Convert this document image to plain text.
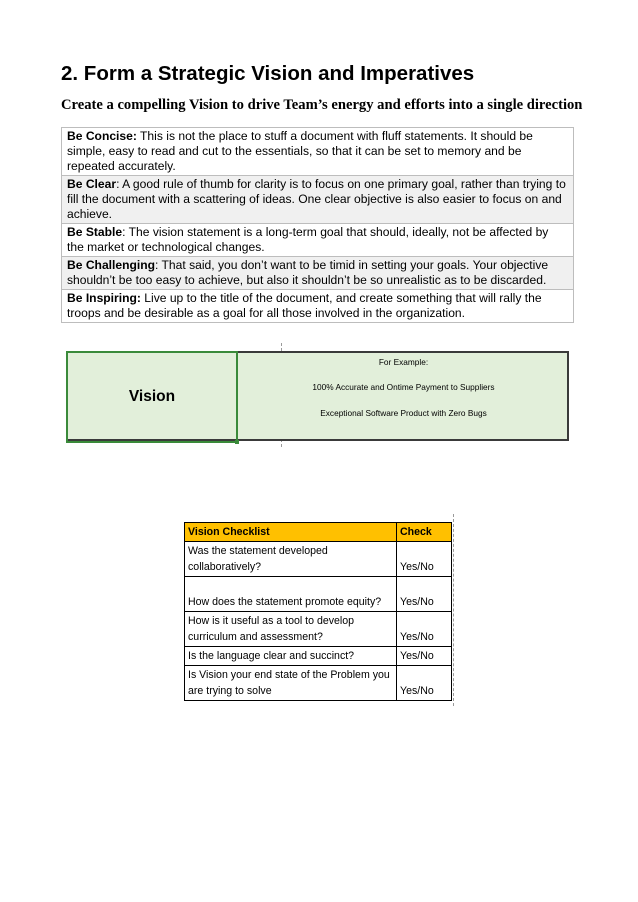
2. Form a Strategic Vision and Imperatives
Create a compelling Vision to drive Team’s energy and efforts into a single direction
Be Concise: This is not the place to stuff a document with fluff statements. It should be simple, easy to read and cut to the essentials, so that it can be set to memory and be repeated accurately.
Be Clear: A good rule of thumb for clarity is to focus on one primary goal, rather than trying to fill the document with a scattering of ideas. One clear objective is also easier to focus on and achieve.
Be Stable: The vision statement is a long-term goal that should, ideally, not be affected by the market or technological changes.
Be Challenging: That said, you don’t want to be timid in setting your goals. Your objective shouldn’t be too easy to achieve, but also it shouldn’t be so unrealistic as to be discarded.
Be Inspiring: Live up to the title of the document, and create something that will rally the troops and be desirable as a goal for all those involved in the organization.
Vision
For Example:
100% Accurate and Ontime Payment to Suppliers
Exceptional Software Product with Zero Bugs
Vision Checklist	Check

Was the statement developed
collaboratively?	Yes/No

How does the statement promote equity?	Yes/No

How is it useful as a tool to develop
curriculum and assessment?	Yes/No

Is the language clear and succinct?	Yes/No

Is Vision your end state of the Problem you
are trying to solve	Yes/No
